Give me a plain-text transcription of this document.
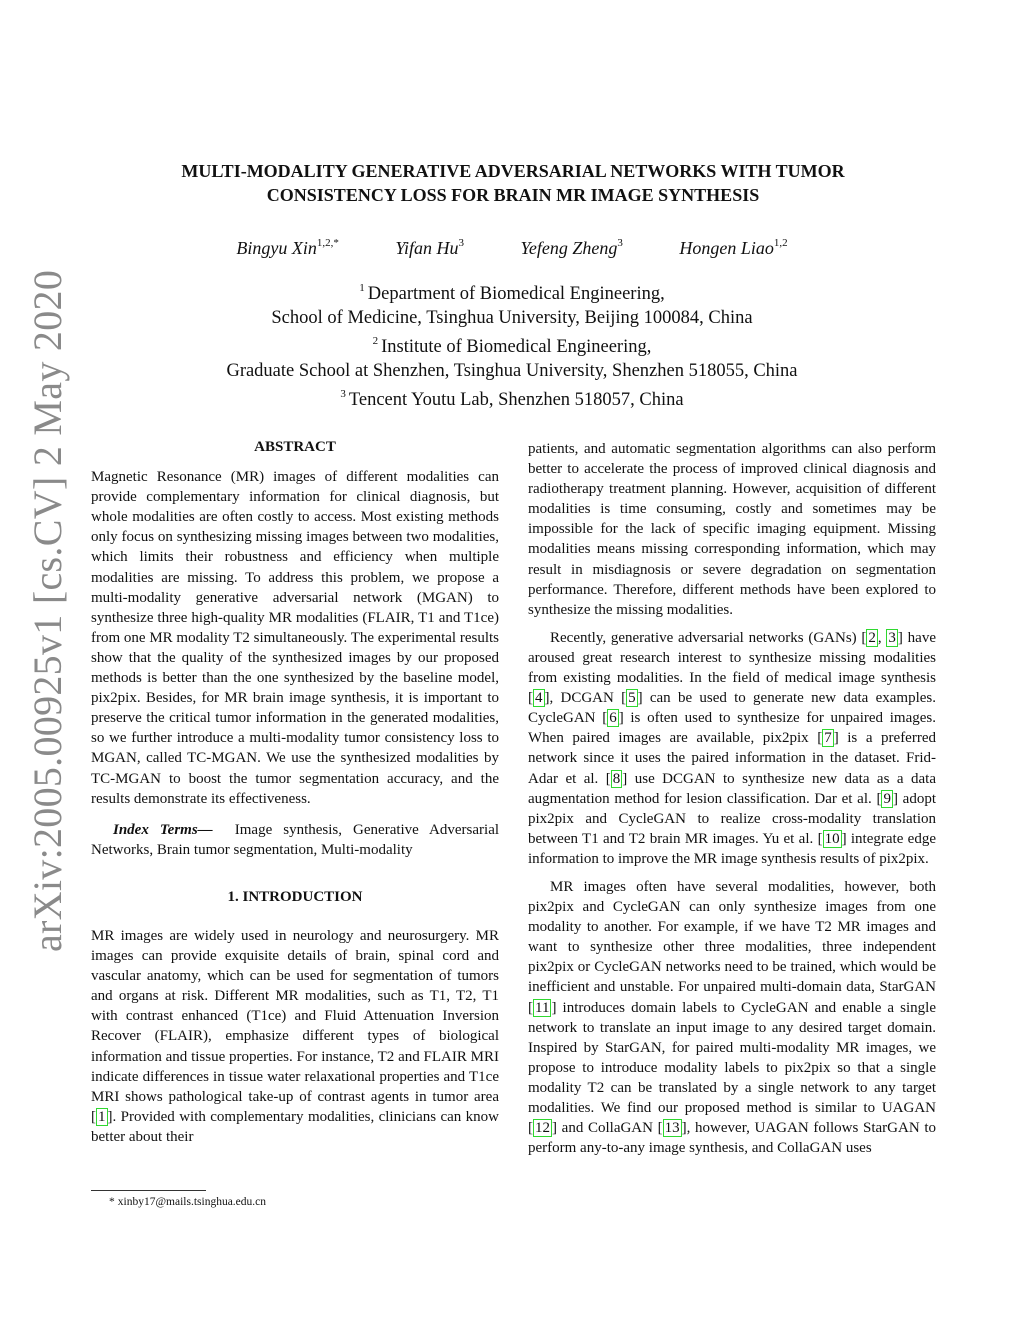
MULTI-MODALITY GENERATIVE ADVERSARIAL NETWORKS WITH TUMOR
CONSISTENCY LOSS FOR BRAIN MR IMAGE SYNTHESIS
Bingyu Xin$^{1,2,*}$	Yifan Hu$^3$	Yefeng Zheng$^3$	Hongen Liao$^{1,2}$
$^1$ Department of Biomedical Engineering,
School of Medicine, Tsinghua University, Beijing 100084, China
$^2$ Institute of Biomedical Engineering,
Graduate School at Shenzhen, Tsinghua University, Shenzhen 518055, China
$^3$ Tencent Youtu Lab, Shenzhen 518057, China
arXiv:2005.00925v1 [cs.CV] 2 May 2020	ABSTRACT

Magnetic Resonance (MR) images of different modalities can provide complementary information for clinical diagnosis, but whole modalities are often costly to access. Most existing methods only focus on synthesizing missing images between two modalities, which limits their robustness and efficiency when multiple modalities are missing. To address this problem, we propose a multi-modality generative adversarial network (MGAN) to synthesize three high-quality MR modalities (FLAIR, T1 and T1ce) from one MR modality T2 simultaneously. The experimental results show that the quality of the synthesized images by our proposed methods is better than the one synthesized by the baseline model, pix2pix. Besides, for MR brain image synthesis, it is important to preserve the critical tumor information in the generated modalities, so we further introduce a multi-modality tumor consistency loss to MGAN, called TC-MGAN. We use the synthesized modalities by TC-MGAN to boost the tumor segmentation accuracy, and the results demonstrate its effectiveness.

Index Terms— Image synthesis, Generative Adversarial Networks, Brain tumor segmentation, Multi-modality

1. INTRODUCTION

MR images are widely used in neurology and neurosurgery. MR images can provide exquisite details of brain, spinal cord and vascular anatomy, which can be used for segmentation of tumors and organs at risk. Different MR modalities, such as T1, T2, T1 with contrast enhanced (T1ce) and Fluid Attenuation Inversion Recover (FLAIR), emphasize different types of biological information and tissue properties. For instance, T2 and FLAIR MRI indicate differences in tissue water relaxational properties and T1ce MRI shows pathological take-up of contrast agents in tumor area [ 1 ]. Provided with complementary modalities, clinicians can know better about their

patients, and automatic segmentation algorithms can also perform better to accelerate the process of improved clinical diagnosis and radiotherapy treatment planning. However, acquisition of different modalities is time consuming, costly and sometimes may be impossible for the lack of specific imaging equipment. Missing modalities means missing corresponding information, which may result in misdiagnosis or severe degradation on segmentation performance. Therefore, different methods have been explored to synthesize the missing modalities.

Recently, generative adversarial networks (GANs) [ 2 , 3 ] have aroused great research interest to synthesize missing modalities from existing modalities. In the field of medical image synthesis [ 4 ], DCGAN [ 5 ] can be used to generate new data examples. CycleGAN [ 6 ] is often used to synthesize for unpaired images. When paired images are available, pix2pix [ 7 ] is a preferred network since it uses the paired information in the dataset. Frid-Adar et al. [ 8 ] use DCGAN to synthesize new data as a data augmentation method for lesion classification. Dar et al. [ 9 ] adopt pix2pix and CycleGAN to realize cross-modality translation between T1 and T2 brain MR images. Yu et al. [ 10 ] integrate edge information to improve the MR image synthesis results of pix2pix.

MR images often have several modalities, however, both pix2pix and CycleGAN can only synthesize images from one modality to another. For example, if we have T2 MR images and want to synthesize other three modalities, three independent pix2pix or CycleGAN networks need to be trained, which would be inefficient and unstable. For unpaired multi-domain data, StarGAN [ 11 ] introduces domain labels to CycleGAN and enable a single network to translate an input image to any desired target domain. Inspired by StarGAN, for paired multi-modality MR images, we propose to introduce modality labels to pix2pix so that a single modality T2 can be translated by a single network to any target modalities. We find our proposed method is similar to UAGAN [ 12 ] and CollaGAN [ 13 ], however, UAGAN follows StarGAN to perform any-to-any image synthesis, and CollaGAN uses

* xinby17@mails.tsinghua.edu.cn
